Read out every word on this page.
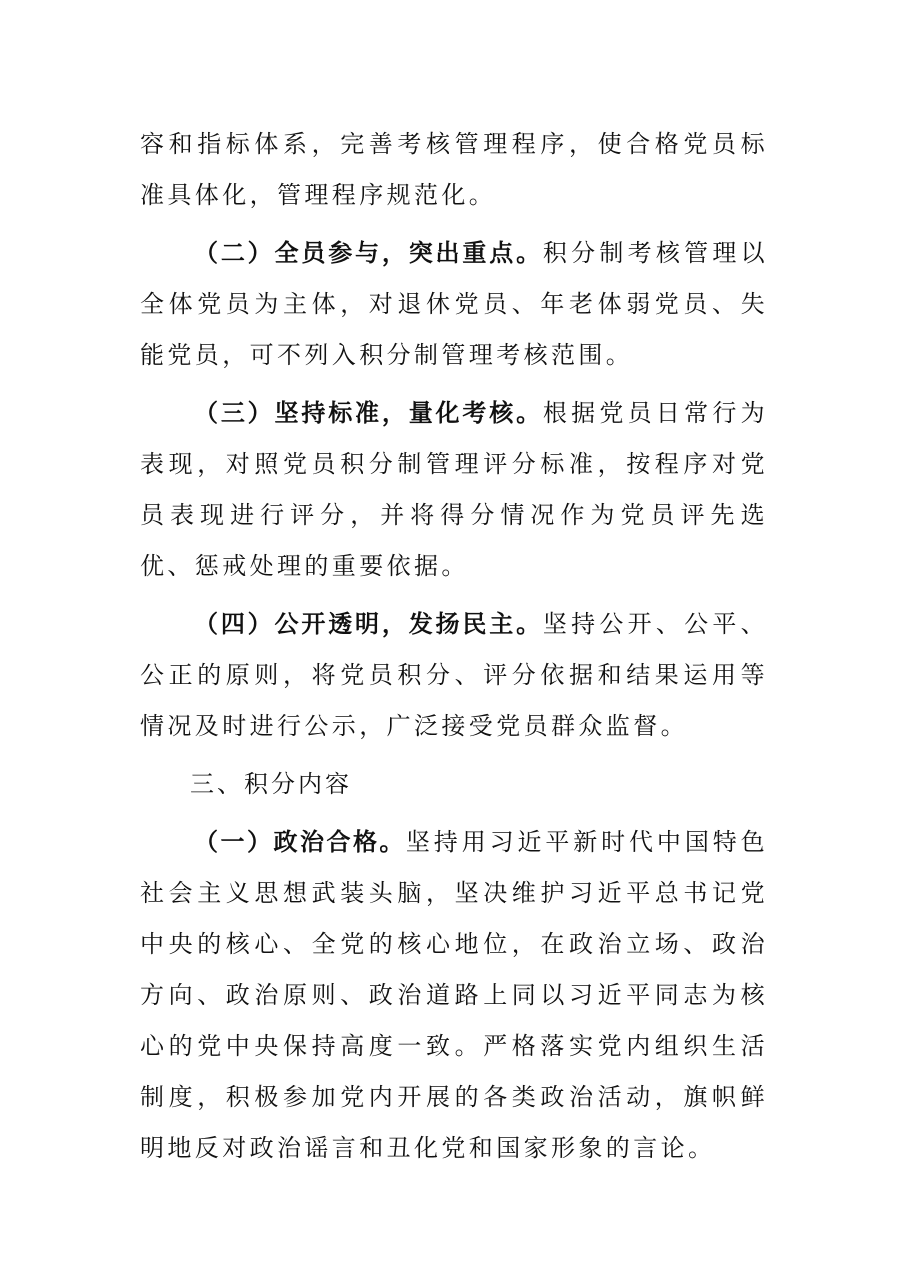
容和指标体系，完善考核管理程序，使合格党员标准具体化，管理程序规范化。

（二）全员参与，突出重点。积分制考核管理以全体党员为主体，对退休党员、年老体弱党员、失能党员，可不列入积分制管理考核范围。

（三）坚持标准，量化考核。根据党员日常行为表现，对照党员积分制管理评分标准，按程序对党员表现进行评分，并将得分情况作为党员评先选优、惩戒处理的重要依据。

（四）公开透明，发扬民主。坚持公开、公平、公正的原则，将党员积分、评分依据和结果运用等情况及时进行公示，广泛接受党员群众监督。

三、积分内容

（一）政治合格。坚持用习近平新时代中国特色社会主义思想武装头脑，坚决维护习近平总书记党中央的核心、全党的核心地位，在政治立场、政治方向、政治原则、政治道路上同以习近平同志为核心的党中央保持高度一致。严格落实党内组织生活制度，积极参加党内开展的各类政治活动，旗帜鲜明地反对政治谣言和丑化党和国家形象的言论。
